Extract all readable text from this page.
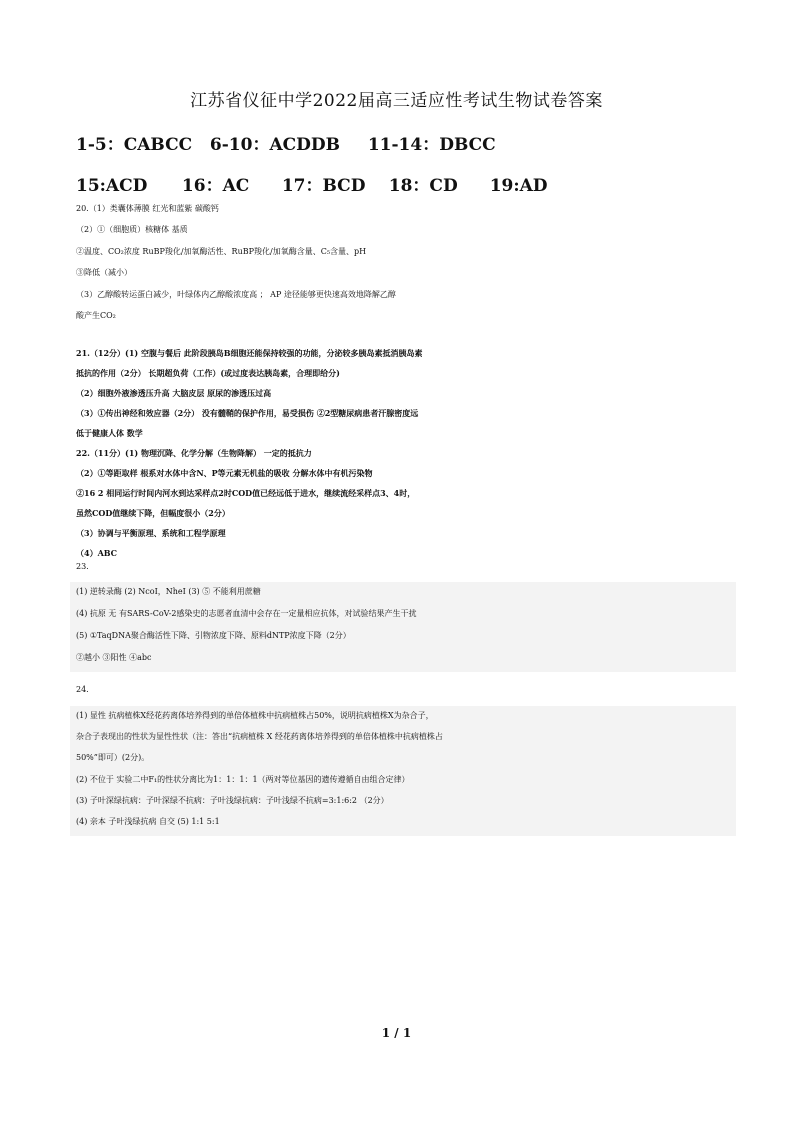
江苏省仪征中学2022届高三适应性考试生物试卷答案
1-5：CABCC 6-10：ACDDB 11-14：DBCC
15:ACD 16：AC 17：BCD 18：CD 19:AD
20.（1）类囊体薄膜 红光和蓝紫 碳酸钙
（2）①（细胞质）核糖体 基质
②温度、CO₂浓度 RuBP羧化/加氧酶活性、RuBP羧化/加氧酶含量、C₅含量、pH
③降低（减小）
（3）乙醇酸转运蛋白减少，叶绿体内乙醇酸浓度高 ； AP 途径能够更快速高效地降解乙醇
酸产生CO₂
21.（12分）(1) 空腹与餐后 此阶段胰岛B细胞还能保持较强的功能，分泌较多胰岛素抵消胰岛素
抵抗的作用（2分） 长期超负荷（工作）(或过度表达胰岛素，合理即给分)
（2）细胞外液渗透压升高 大脑皮层 原尿的渗透压过高
（3）①传出神经和效应器（2分） 没有髓鞘的保护作用，易受损伤 ②2型糖尿病患者汗腺密度远
低于健康人体 数学
22.（11分）(1) 物理沉降、化学分解（生物降解） 一定的抵抗力
（2）①等距取样 根系对水体中含N、P等元素无机盐的吸收 分解水体中有机污染物
②16 2 相同运行时间内河水到达采样点2时COD值已经远低于进水，继续流经采样点3、4时，
虽然COD值继续下降，但幅度很小（2分）
（3）协调与平衡原理、系统和工程学原理
（4）ABC
23.
(1) 逆转录酶 (2) NcoI，NheI (3) ⑤ 不能利用蔗糖
(4) 抗原 无 有SARS-CoV-2感染史的志愿者血清中会存在一定量相应抗体，对试验结果产生干扰
(5) ①TaqDNA聚合酶活性下降、引物浓度下降、原料dNTP浓度下降（2分）
②越小 ③阳性 ④abc
24.
(1) 显性 抗病植株X经花药离体培养得到的单倍体植株中抗病植株占50%，说明抗病植株X为杂合子，
杂合子表现出的性状为显性性状（注：答出“抗病植株 X 经花药离体培养得到的单倍体植株中抗病植株占
50%”即可）(2分)。
(2) 不位于 实验二中F₁的性状分离比为1：1：1：1（两对等位基因的遗传遵循自由组合定律）
(3) 子叶深绿抗病：子叶深绿不抗病：子叶浅绿抗病：子叶浅绿不抗病=3:1:6:2 （2分）
(4) 亲本 子叶浅绿抗病 自交 (5) 1:1 5:1
1 / 1
